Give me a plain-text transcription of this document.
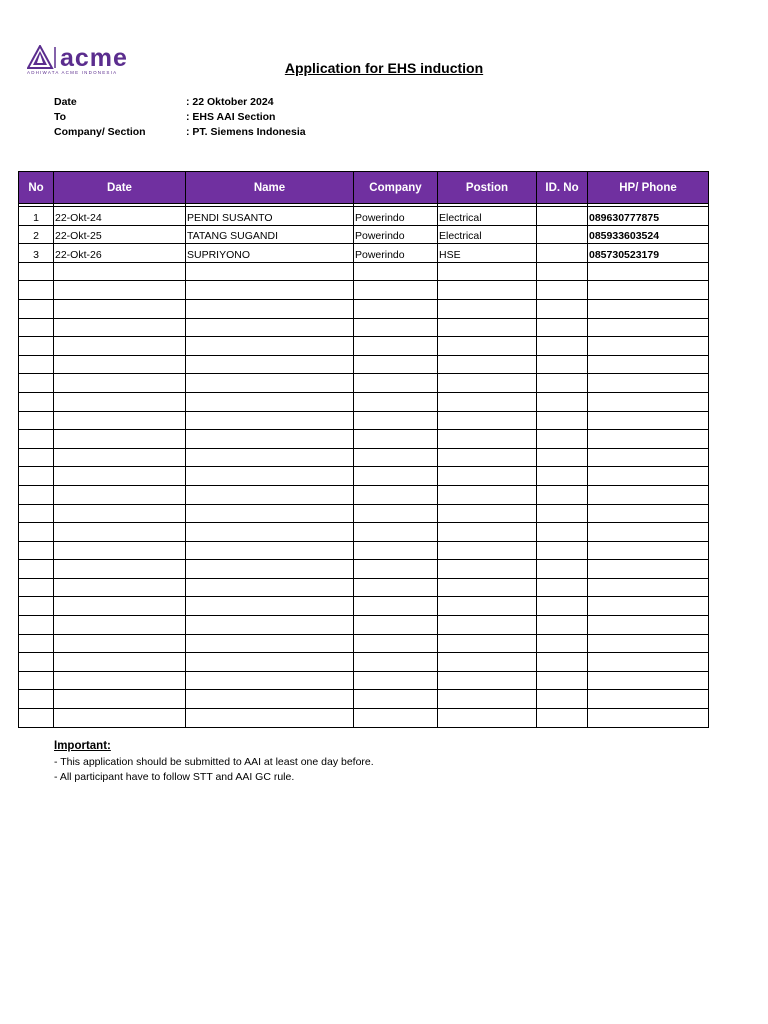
acme
ADHIWATA ACME INDONESIA	Application for EHS induction
Date	: 22 Oktober 2024
To	: EHS AAI Section
Company/ Section	: PT. Siemens Indonesia
No	Date	Name	Company	Postion	ID. No	HP/ Phone

1	22-Okt-24	PENDI SUSANTO	Powerindo	Electrical		089630777875
2	22-Okt-25	TATANG SUGANDI	Powerindo	Electrical		085933603524
3	22-Okt-26	SUPRIYONO	Powerindo	HSE		085730523179

Important:
- This application should be submitted to AAI at least one day before.
- All participant have to follow STT and AAI GC rule.
